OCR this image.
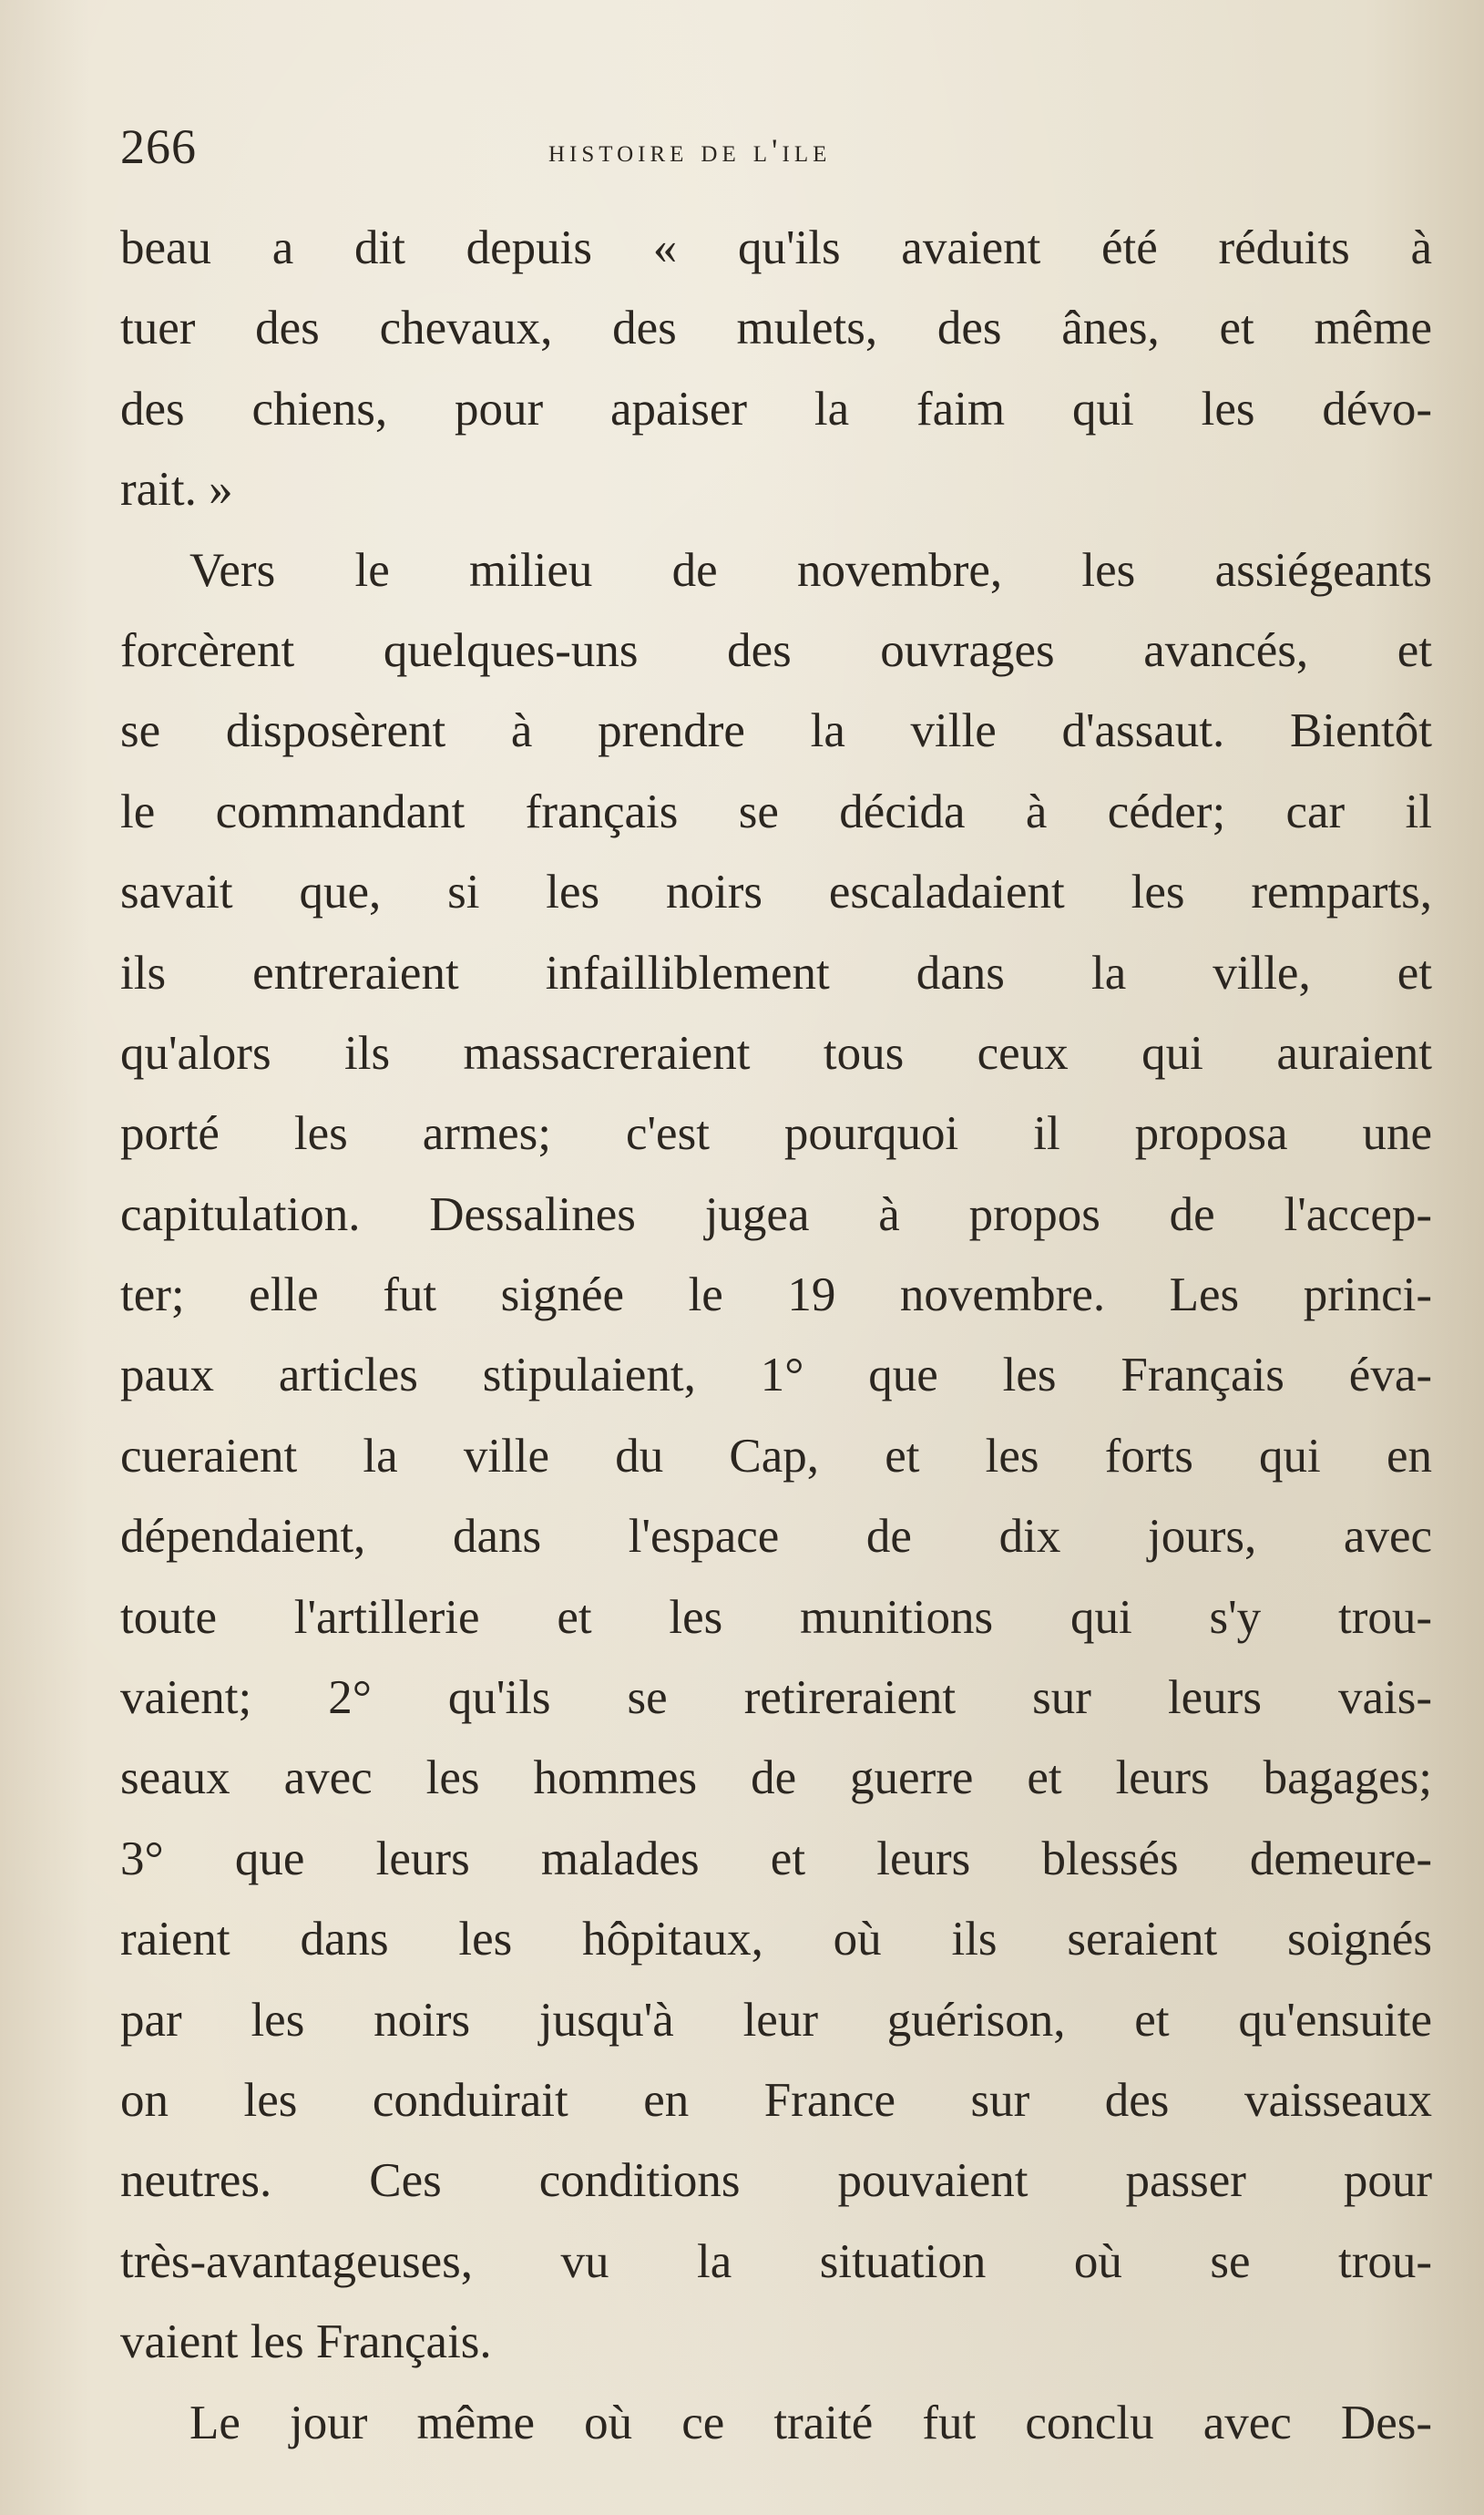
266	histoire de l'ile
beau a dit depuis « qu'ils avaient été réduits à
tuer des chevaux, des mulets, des ânes, et même
des chiens, pour apaiser la faim qui les dévo-
rait. »
Vers le milieu de novembre, les assiégeants
forcèrent quelques-uns des ouvrages avancés, et
se disposèrent à prendre la ville d'assaut. Bientôt
le commandant français se décida à céder; car il
savait que, si les noirs escaladaient les remparts,
ils entreraient infailliblement dans la ville, et
qu'alors ils massacreraient tous ceux qui auraient
porté les armes; c'est pourquoi il proposa une
capitulation. Dessalines jugea à propos de l'accep-
ter; elle fut signée le 19 novembre. Les princi-
paux articles stipulaient, 1° que les Français éva-
cueraient la ville du Cap, et les forts qui en
dépendaient, dans l'espace de dix jours, avec
toute l'artillerie et les munitions qui s'y trou-
vaient; 2° qu'ils se retireraient sur leurs vais-
seaux avec les hommes de guerre et leurs bagages;
3° que leurs malades et leurs blessés demeure-
raient dans les hôpitaux, où ils seraient soignés
par les noirs jusqu'à leur guérison, et qu'ensuite
on les conduirait en France sur des vaisseaux
neutres. Ces conditions pouvaient passer pour
très-avantageuses, vu la situation où se trou-
vaient les Français.
Le jour même où ce traité fut conclu avec Des-
